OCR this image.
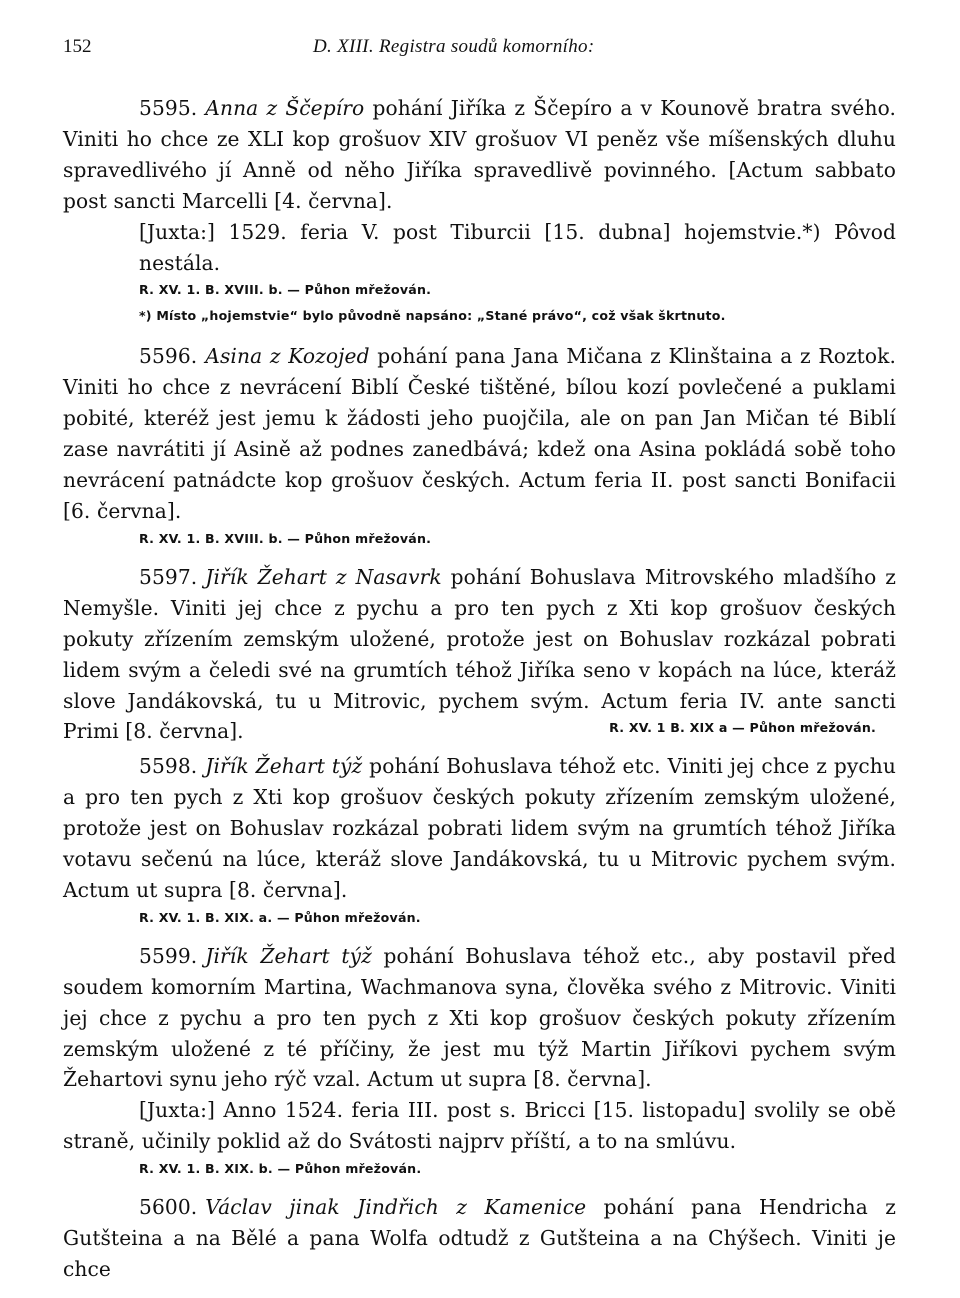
152	D. XIII. Registra soudů komorního:

5595. Anna z Ščepíro pohání Jiříka z Ščepíro a v Kounově bratra svého. Viniti ho chce ze XLI kop grošuov XIV grošuov VI peněz vše míšenských dluhu spravedlivého jí Anně od něho Jiříka spravedlivě povinného. [Actum sabbato post sancti Marcelli [4. června].

[Juxta:] 1529. feria V. post Tiburcii [15. dubna] hojemstvie.*) Pôvod nestála.

R. XV. 1. B. XVIII. b. — Půhon mřežován.
*) Místo „hojemstvie“ bylo původně napsáno: „Stané právo“, což však škrtnuto.

5596. Asina z Kozojed pohání pana Jana Mičana z Klinštaina a z Roztok. Viniti ho chce z nevrácení Biblí České tištěné, bílou kozí povlečené a puklami pobité, kteréž jest jemu k žádosti jeho puojčila, ale on pan Jan Mičan té Biblí zase navrátiti jí Asině až podnes zanedbává; kdež ona Asina pokládá sobě toho nevrácení patnádcte kop grošuov českých. Actum feria II. post sancti Bonifacii [6. června].

R. XV. 1. B. XVIII. b. — Půhon mřežován.

5597. Jiřík Žehart z Nasavrk pohání Bohuslava Mitrovského mladšího z Nemyšle. Viniti jej chce z pychu a pro ten pych z Xti kop grošuov českých pokuty zřízením zemským uložené, protože jest on Bohuslav rozkázal pobrati lidem svým a čeledi své na grumtích téhož Jiříka seno v kopách na lúce, kteráž slove Jandákovská, tu u Mitrovic, pychem svým. Actum feria IV. ante sancti Primi [8. června].	R. XV. 1 B. XIX a — Půhon mřežován.

5598. Jiřík Žehart týž pohání Bohuslava téhož etc. Viniti jej chce z pychu a pro ten pych z Xti kop grošuov českých pokuty zřízením zemským uložené, protože jest on Bohuslav rozkázal pobrati lidem svým na grumtích téhož Jiříka votavu sečenú na lúce, kteráž slove Jandákovská, tu u Mitrovic pychem svým. Actum ut supra [8. června].

R. XV. 1. B. XIX. a. — Půhon mřežován.

5599. Jiřík Žehart týž pohání Bohuslava téhož etc., aby postavil před soudem komorním Martina, Wachmanova syna, člověka svého z Mitrovic. Viniti jej chce z pychu a pro ten pych z Xti kop grošuov českých pokuty zřízením zemským uložené z té příčiny, že jest mu týž Martin Jiříkovi pychem svým Žehartovi synu jeho rýč vzal. Actum ut supra [8. června].

[Juxta:] Anno 1524. feria III. post s. Bricci [15. listopadu] svolily se obě straně, učinily poklid až do Svátosti najprv příští, a to na smlúvu.

R. XV. 1. B. XIX. b. — Půhon mřežován.

5600. Václav jinak Jindřich z Kamenice pohání pana Hendricha z Gutšteina a na Bělé a pana Wolfa odtudž z Gutšteina a na Chýšech. Viniti je chce
